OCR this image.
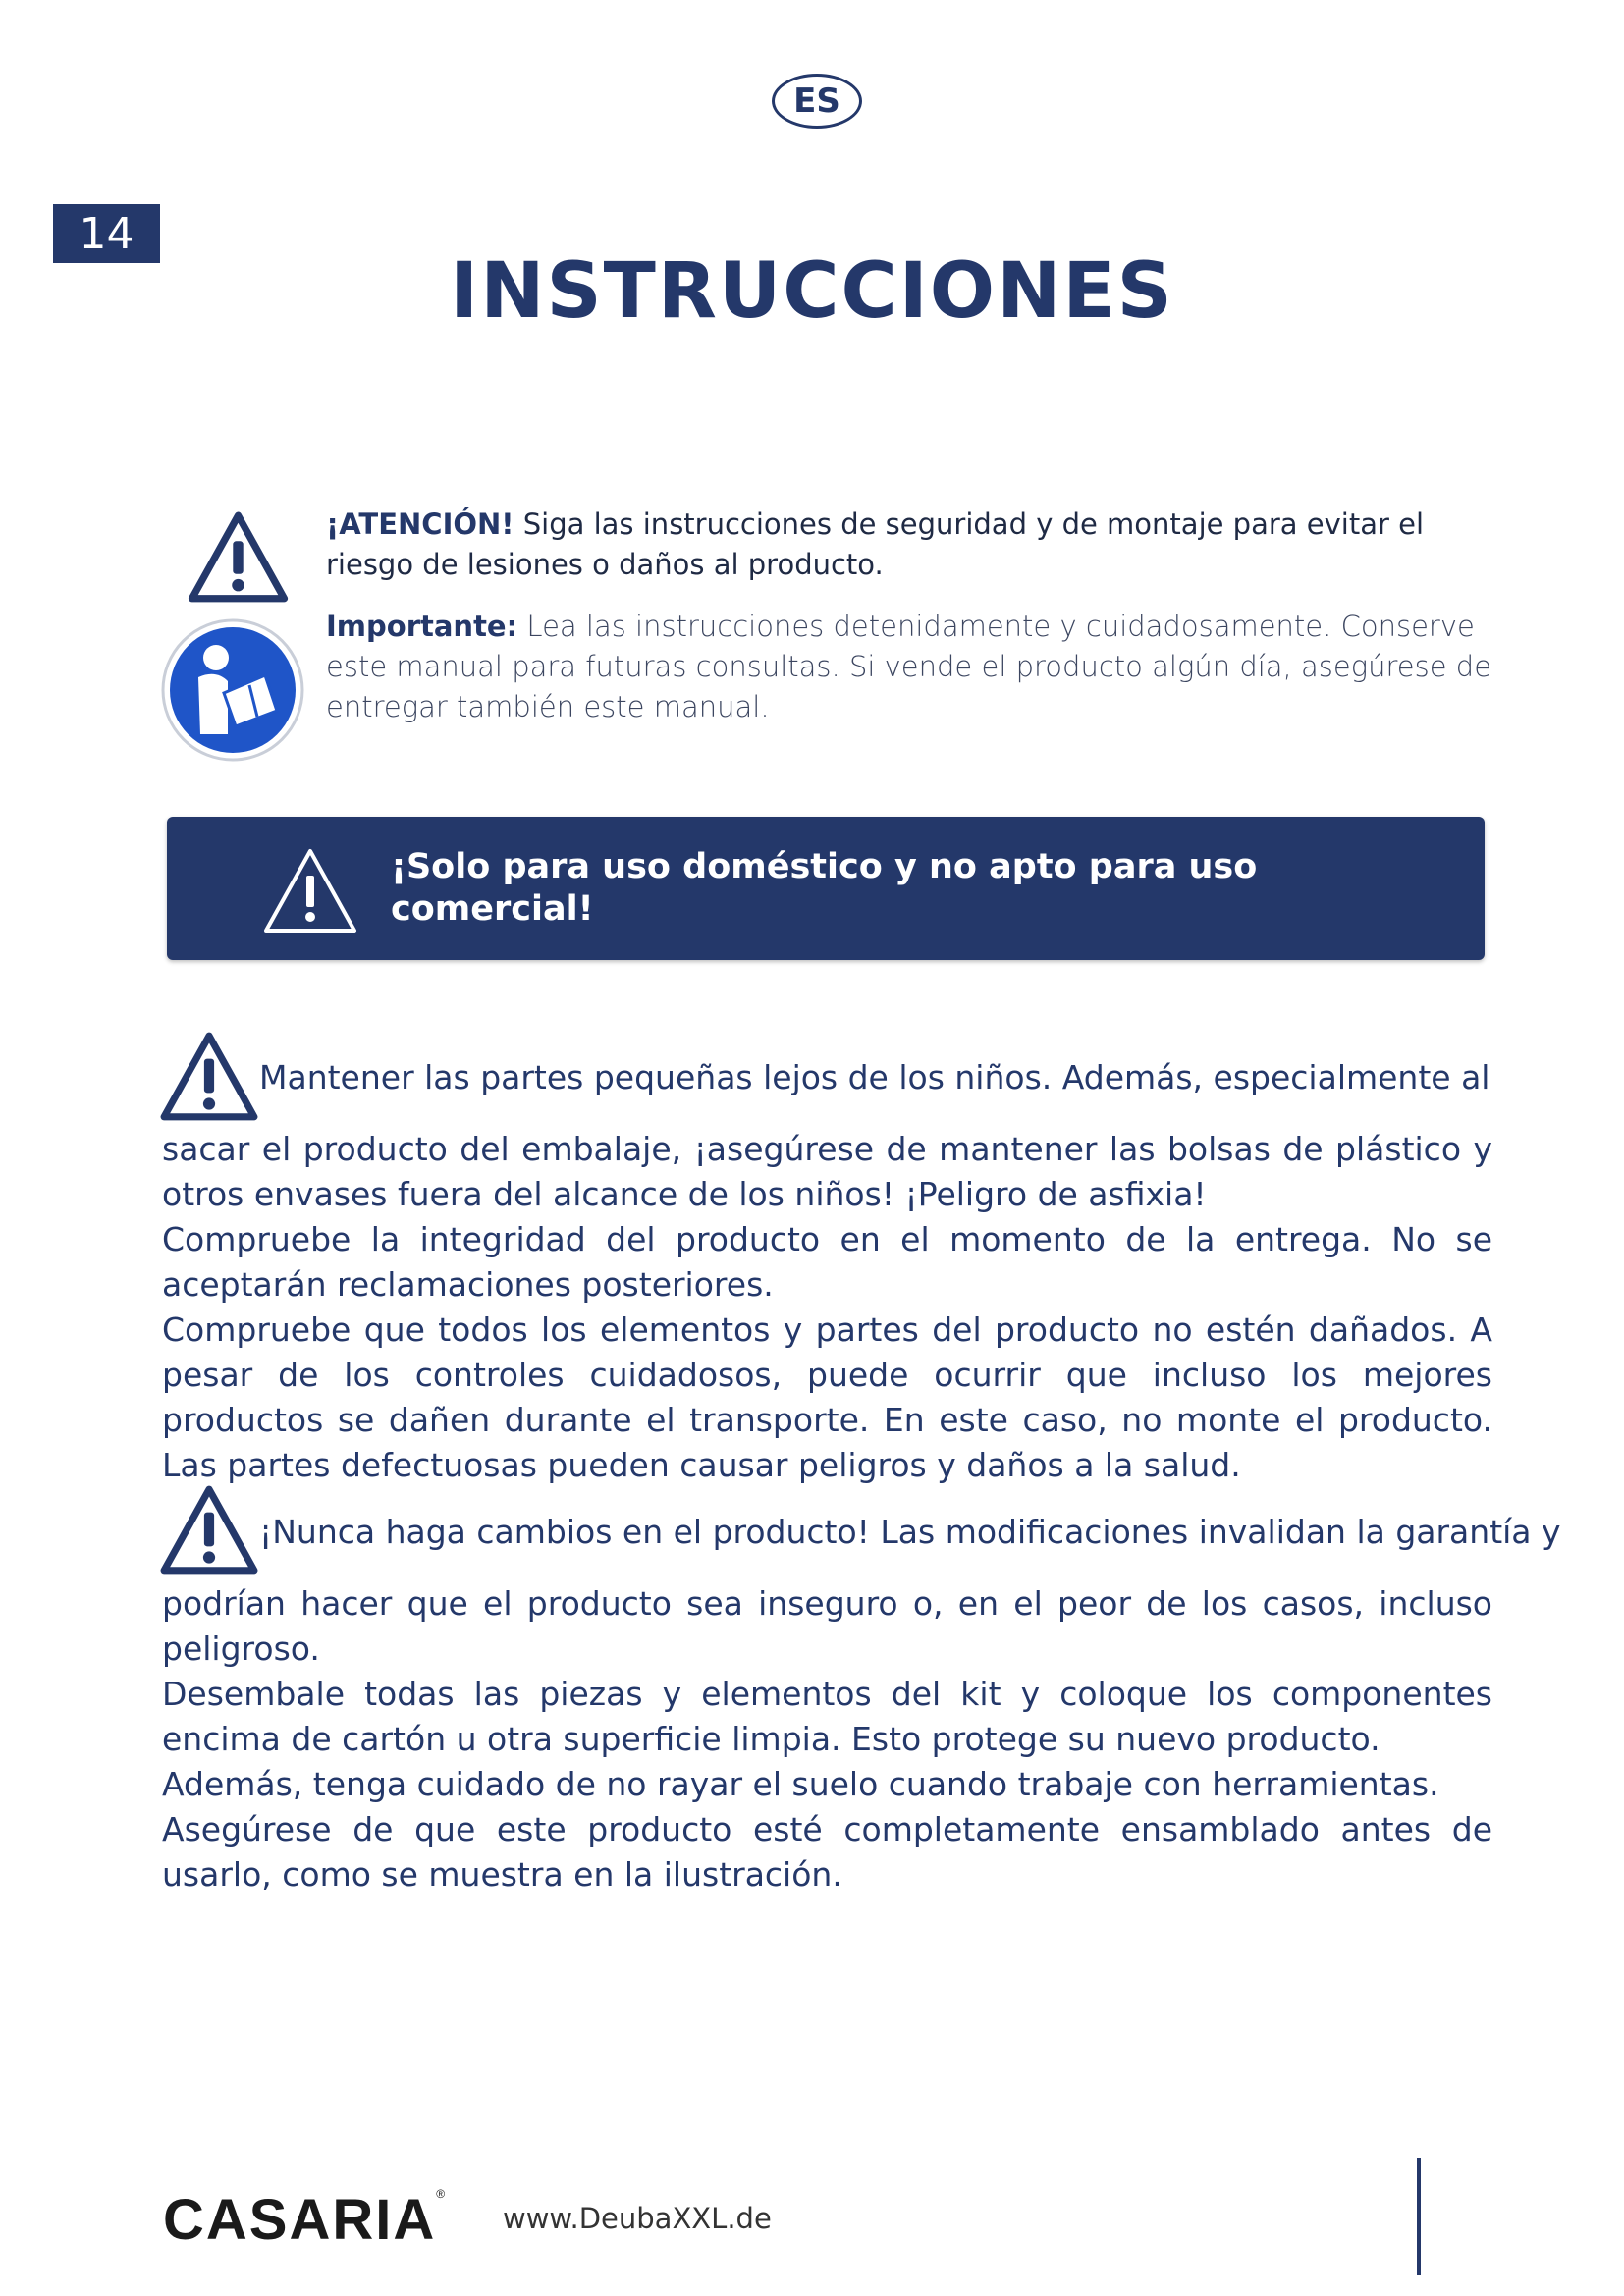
ES
14
INSTRUCCIONES
¡ATENCIÓN! Siga las instrucciones de seguridad y de montaje para evitar el riesgo de lesiones o daños al producto.
Importante: Lea las instrucciones detenidamente y cuidadosamente. Conserve este manual para futuras consultas. Si vende el producto algún día, asegúrese de entregar también este manual.
¡Solo para uso doméstico y no apto para uso comercial!
Mantener las partes pequeñas lejos de los niños. Además, especialmente al

sacar el producto del embalaje, ¡asegúrese de mantener las bolsas de plástico y otros envases fuera del alcance de los niños! ¡Peligro de asfixia!

Compruebe la integridad del producto en el momento de la entrega. No se aceptarán reclamaciones posteriores.

Compruebe que todos los elementos y partes del producto no estén dañados. A pesar de los controles cuidadosos, puede ocurrir que incluso los mejores productos se dañen durante el transporte. En este caso, no monte el producto. Las partes defectuosas pueden causar peligros y daños a la salud.

¡Nunca haga cambios en el producto! Las modificaciones invalidan la garantía y

podrían hacer que el producto sea inseguro o, en el peor de los casos, incluso peligroso.

Desembale todas las piezas y elementos del kit y coloque los componentes encima de cartón u otra superficie limpia. Esto protege su nuevo producto.

Además, tenga cuidado de no rayar el suelo cuando trabaje con herramientas.

Asegúrese de que este producto esté completamente ensamblado antes de usarlo, como se muestra en la ilustración.

CASARIA®
www.DeubaXXL.de
